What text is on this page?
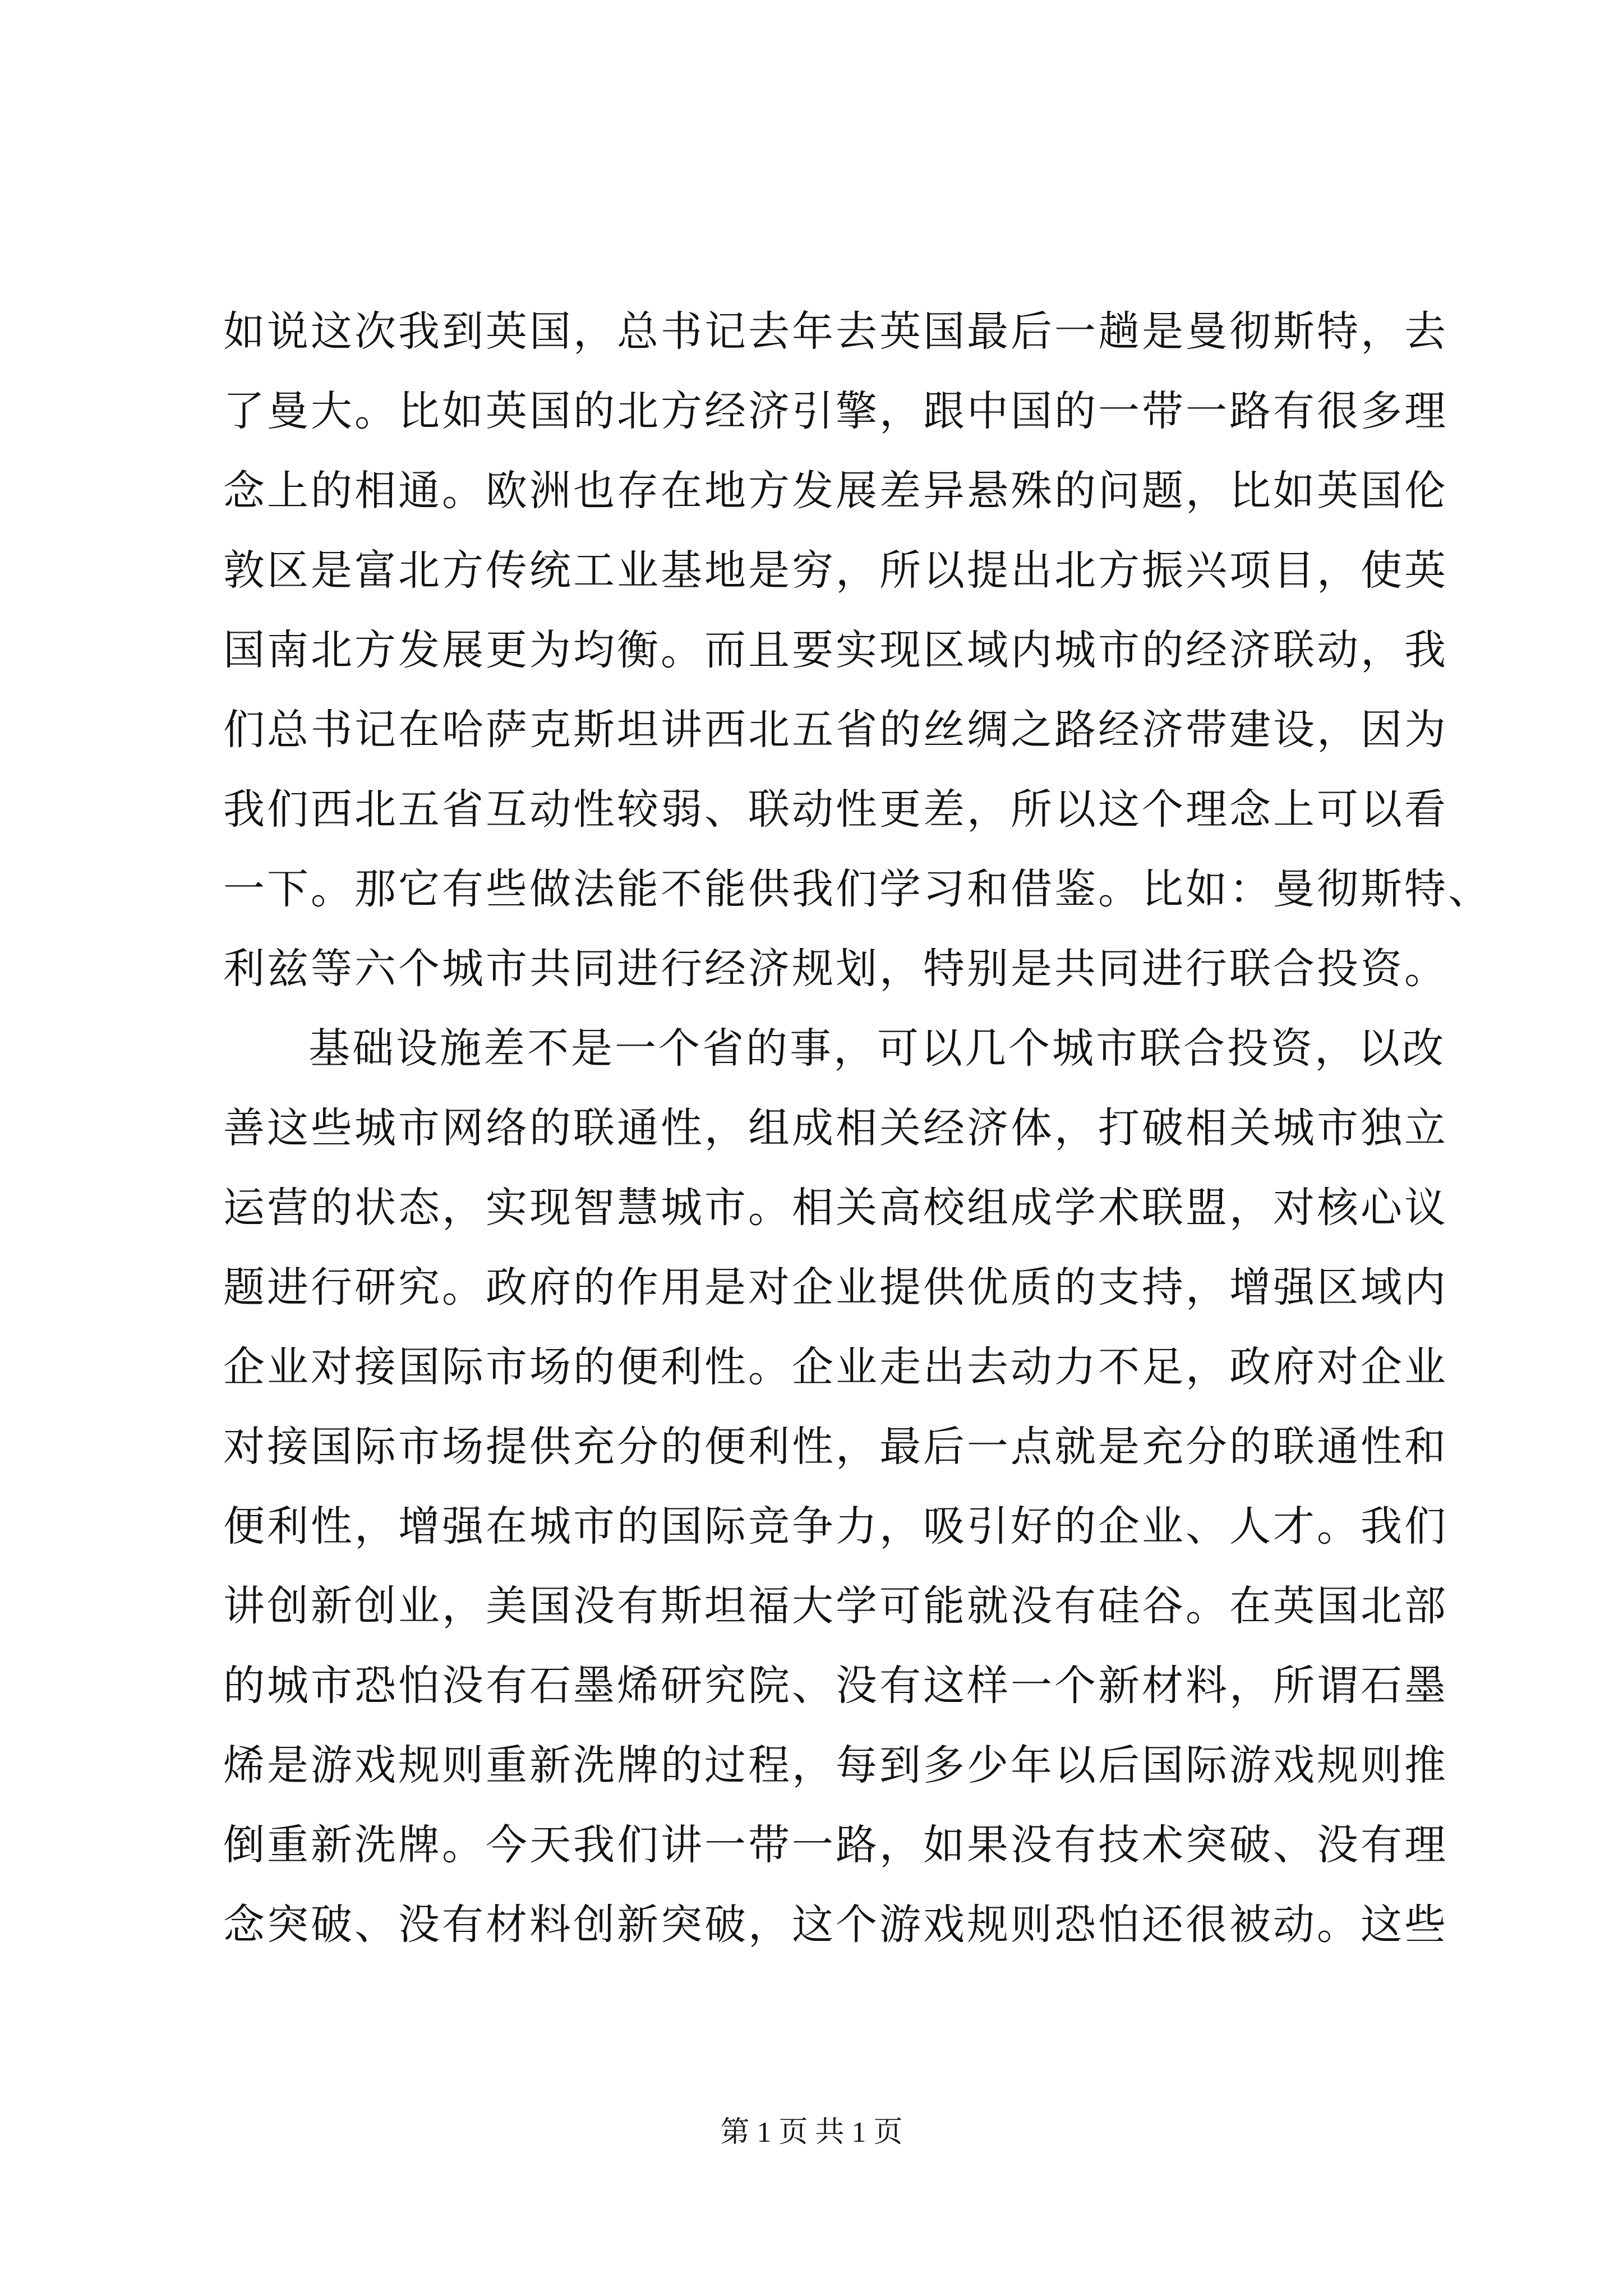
如说这次我到英国，总书记去年去英国最后一趟是曼彻斯特，去
了曼大。比如英国的北方经济引擎，跟中国的一带一路有很多理
念上的相通。欧洲也存在地方发展差异悬殊的问题，比如英国伦
敦区是富北方传统工业基地是穷，所以提出北方振兴项目，使英
国南北方发展更为均衡。而且要实现区域内城市的经济联动，我
们总书记在哈萨克斯坦讲西北五省的丝绸之路经济带建设，因为
我们西北五省互动性较弱、联动性更差，所以这个理念上可以看
一下。那它有些做法能不能供我们学习和借鉴。比如：曼彻斯特、
利兹等六个城市共同进行经济规划，特别是共同进行联合投资。
基础设施差不是一个省的事，可以几个城市联合投资，以改
善这些城市网络的联通性，组成相关经济体，打破相关城市独立
运营的状态，实现智慧城市。相关高校组成学术联盟，对核心议
题进行研究。政府的作用是对企业提供优质的支持，增强区域内
企业对接国际市场的便利性。企业走出去动力不足，政府对企业
对接国际市场提供充分的便利性，最后一点就是充分的联通性和
便利性，增强在城市的国际竞争力，吸引好的企业、人才。我们
讲创新创业，美国没有斯坦福大学可能就没有硅谷。在英国北部
的城市恐怕没有石墨烯研究院、没有这样一个新材料，所谓石墨
烯是游戏规则重新洗牌的过程，每到多少年以后国际游戏规则推
倒重新洗牌。今天我们讲一带一路，如果没有技术突破、没有理
念突破、没有材料创新突破，这个游戏规则恐怕还很被动。这些
第 1 页 共 1 页
